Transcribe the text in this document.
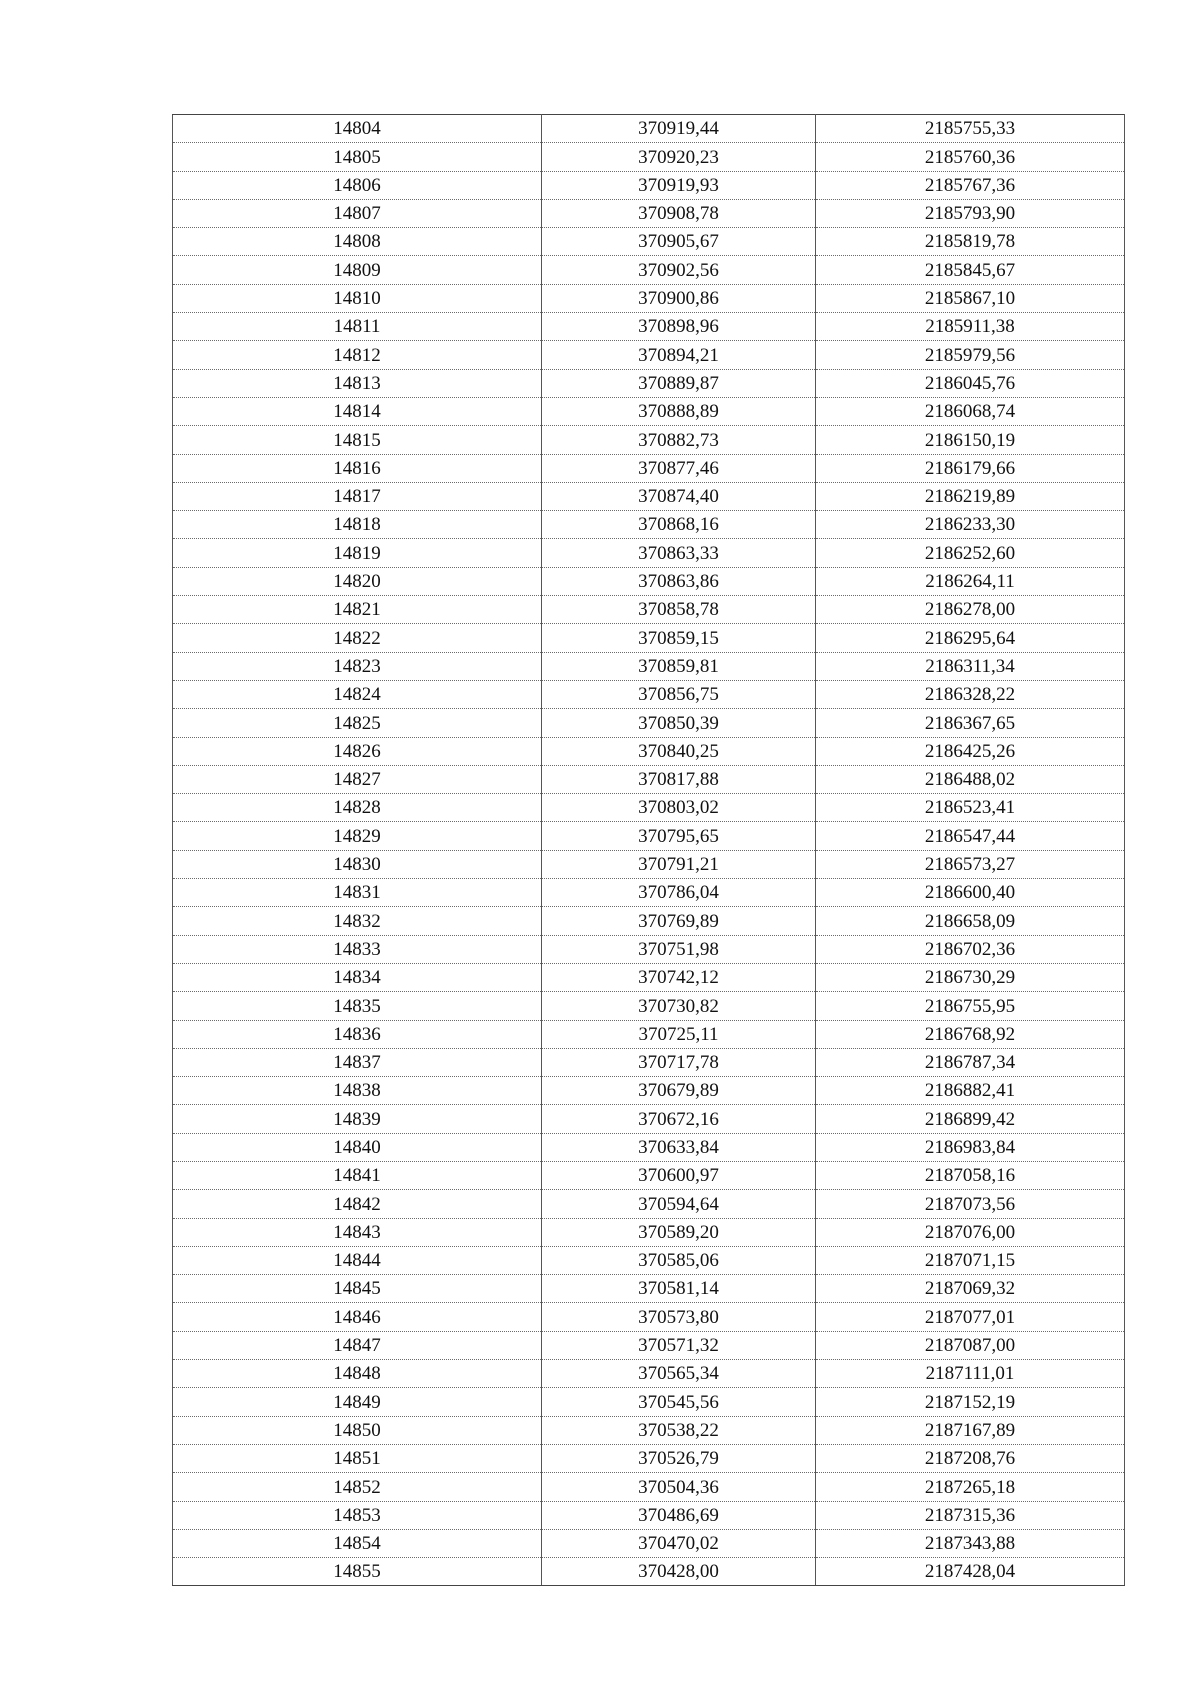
14804	370919,44	2185755,33
14805	370920,23	2185760,36
14806	370919,93	2185767,36
14807	370908,78	2185793,90
14808	370905,67	2185819,78
14809	370902,56	2185845,67
14810	370900,86	2185867,10
14811	370898,96	2185911,38
14812	370894,21	2185979,56
14813	370889,87	2186045,76
14814	370888,89	2186068,74
14815	370882,73	2186150,19
14816	370877,46	2186179,66
14817	370874,40	2186219,89
14818	370868,16	2186233,30
14819	370863,33	2186252,60
14820	370863,86	2186264,11
14821	370858,78	2186278,00
14822	370859,15	2186295,64
14823	370859,81	2186311,34
14824	370856,75	2186328,22
14825	370850,39	2186367,65
14826	370840,25	2186425,26
14827	370817,88	2186488,02
14828	370803,02	2186523,41
14829	370795,65	2186547,44
14830	370791,21	2186573,27
14831	370786,04	2186600,40
14832	370769,89	2186658,09
14833	370751,98	2186702,36
14834	370742,12	2186730,29
14835	370730,82	2186755,95
14836	370725,11	2186768,92
14837	370717,78	2186787,34
14838	370679,89	2186882,41
14839	370672,16	2186899,42
14840	370633,84	2186983,84
14841	370600,97	2187058,16
14842	370594,64	2187073,56
14843	370589,20	2187076,00
14844	370585,06	2187071,15
14845	370581,14	2187069,32
14846	370573,80	2187077,01
14847	370571,32	2187087,00
14848	370565,34	2187111,01
14849	370545,56	2187152,19
14850	370538,22	2187167,89
14851	370526,79	2187208,76
14852	370504,36	2187265,18
14853	370486,69	2187315,36
14854	370470,02	2187343,88
14855	370428,00	2187428,04
